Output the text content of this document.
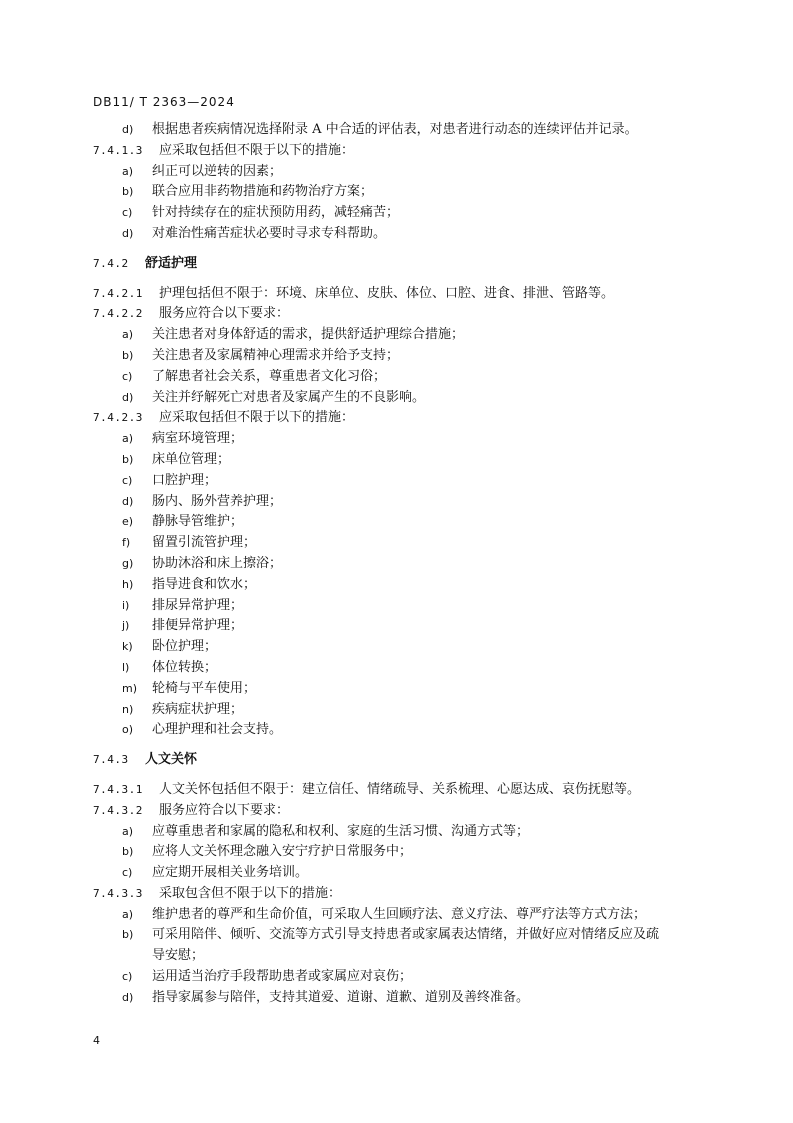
DB11/ T 2363—2024
d) 根据患者疾病情况选择附录 A 中合适的评估表，对患者进行动态的连续评估并记录。
7.4.1.3 应采取包括但不限于以下的措施：
a) 纠正可以逆转的因素；
b) 联合应用非药物措施和药物治疗方案；
c) 针对持续存在的症状预防用药，减轻痛苦；
d) 对难治性痛苦症状必要时寻求专科帮助。
7.4.2 舒适护理
7.4.2.1 护理包括但不限于：环境、床单位、皮肤、体位、口腔、进食、排泄、管路等。
7.4.2.2 服务应符合以下要求：
a) 关注患者对身体舒适的需求，提供舒适护理综合措施；
b) 关注患者及家属精神心理需求并给予支持；
c) 了解患者社会关系，尊重患者文化习俗；
d) 关注并纾解死亡对患者及家属产生的不良影响。
7.4.2.3 应采取包括但不限于以下的措施：
a) 病室环境管理；
b) 床单位管理；
c) 口腔护理；
d) 肠内、肠外营养护理；
e) 静脉导管维护；
f) 留置引流管护理；
g) 协助沐浴和床上擦浴；
h) 指导进食和饮水；
i) 排尿异常护理；
j) 排便异常护理；
k) 卧位护理；
l) 体位转换；
m) 轮椅与平车使用；
n) 疾病症状护理；
o) 心理护理和社会支持。
7.4.3 人文关怀
7.4.3.1 人文关怀包括但不限于：建立信任、情绪疏导、关系梳理、心愿达成、哀伤抚慰等。
7.4.3.2 服务应符合以下要求：
a) 应尊重患者和家属的隐私和权利、家庭的生活习惯、沟通方式等；
b) 应将人文关怀理念融入安宁疗护日常服务中；
c) 应定期开展相关业务培训。
7.4.3.3 采取包含但不限于以下的措施：
a) 维护患者的尊严和生命价值，可采取人生回顾疗法、意义疗法、尊严疗法等方式方法；
b) 可采用陪伴、倾听、交流等方式引导支持患者或家属表达情绪，并做好应对情绪反应及疏
导安慰；
c) 运用适当治疗手段帮助患者或家属应对哀伤；
d) 指导家属参与陪伴，支持其道爱、道谢、道歉、道别及善终准备。
4
